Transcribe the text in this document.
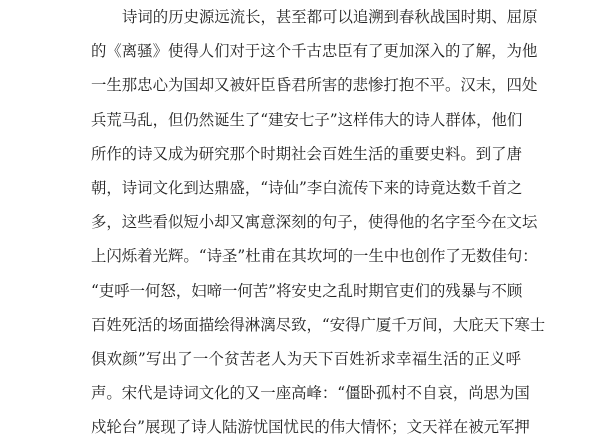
诗词的历史源远流长，甚至都可以追溯到春秋战国时期、屈原
的《离骚》使得人们对于这个千古忠臣有了更加深入的了解，为他
一生那忠心为国却又被奸臣昏君所害的悲惨打抱不平。汉末，四处
兵荒马乱，但仍然诞生了“建安七子”这样伟大的诗人群体，他们
所作的诗又成为研究那个时期社会百姓生活的重要史料。到了唐
朝，诗词文化到达鼎盛，“诗仙”李白流传下来的诗竟达数千首之
多，这些看似短小却又寓意深刻的句子，使得他的名字至今在文坛
上闪烁着光辉。“诗圣”杜甫在其坎坷的一生中也创作了无数佳句：
“吏呼一何怒，妇啼一何苦”将安史之乱时期官吏们的残暴与不顾
百姓死活的场面描绘得淋漓尽致，“安得广厦千万间，大庇天下寒士
俱欢颜”写出了一个贫苦老人为天下百姓祈求幸福生活的正义呼
声。宋代是诗词文化的又一座高峰：“僵卧孤村不自哀，尚思为国
戍轮台”展现了诗人陆游忧国忧民的伟大情怀；文天祥在被元军押
